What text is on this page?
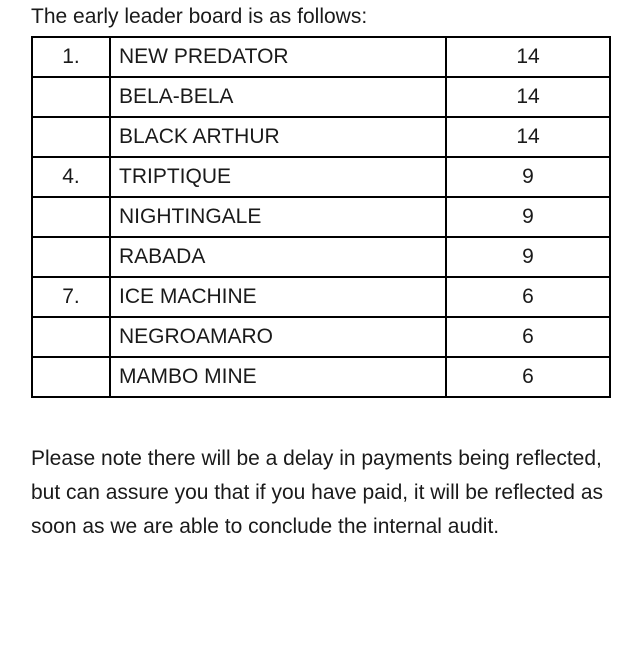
The early leader board is as follows:

1.	NEW PREDATOR	14
	BELA-BELA	14
	BLACK ARTHUR	14
4.	TRIPTIQUE	9
	NIGHTINGALE	9
	RABADA	9
7.	ICE MACHINE	6
	NEGROAMARO	6
	MAMBO MINE	6

Please note there will be a delay in payments being reflected, but can assure you that if you have paid, it will be reflected as soon as we are able to conclude the internal audit.
